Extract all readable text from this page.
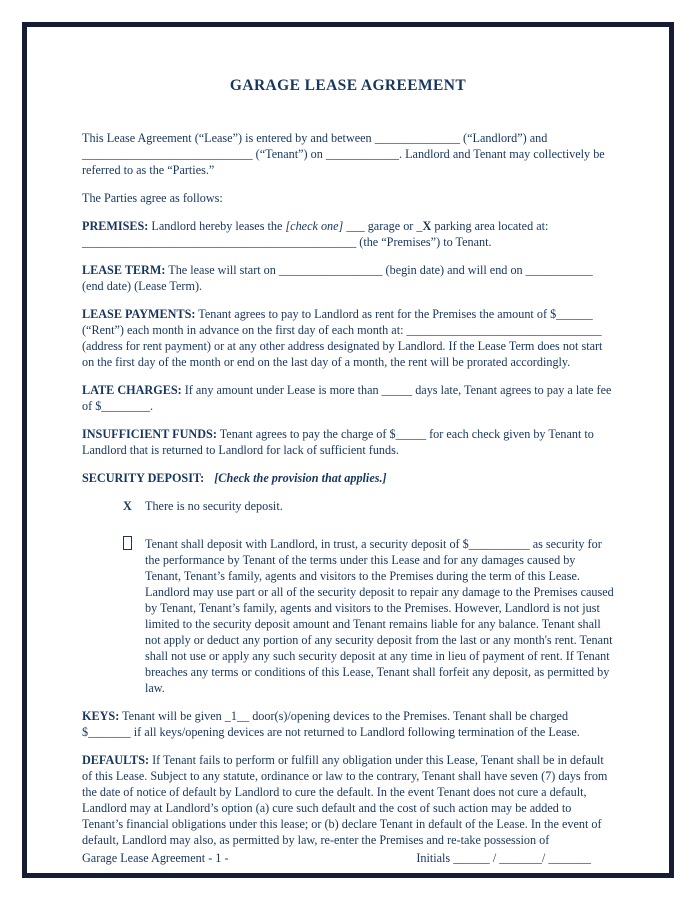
GARAGE LEASE AGREEMENT

This Lease Agreement (“Lease”) is entered by and between ______________ (“Landlord”) and ____________________________ (“Tenant”) on ____________. Landlord and Tenant may collectively be referred to as the “Parties.”

The Parties agree as follows:

PREMISES: Landlord hereby leases the [check one] ___ garage or _X parking area located at: _____________________________________________ (the “Premises”) to Tenant.

LEASE TERM: The lease will start on _________________ (begin date) and will end on ___________ (end date) (Lease Term).

LEASE PAYMENTS: Tenant agrees to pay to Landlord as rent for the Premises the amount of $______ (“Rent”) each month in advance on the first day of each month at: ________________________________ (address for rent payment) or at any other address designated by Landlord. If the Lease Term does not start on the first day of the month or end on the last day of a month, the rent will be prorated accordingly.

LATE CHARGES: If any amount under Lease is more than _____ days late, Tenant agrees to pay a late fee of $________.

INSUFFICIENT FUNDS: Tenant agrees to pay the charge of $_____ for each check given by Tenant to Landlord that is returned to Landlord for lack of sufficient funds.

SECURITY DEPOSIT: [Check the provision that applies.]

X	There is no security deposit.
Tenant shall deposit with Landlord, in trust, a security deposit of $__________ as security for the performance by Tenant of the terms under this Lease and for any damages caused by Tenant, Tenant’s family, agents and visitors to the Premises during the term of this Lease. Landlord may use part or all of the security deposit to repair any damage to the Premises caused by Tenant, Tenant’s family, agents and visitors to the Premises. However, Landlord is not just limited to the security deposit amount and Tenant remains liable for any balance. Tenant shall not apply or deduct any portion of any security deposit from the last or any month's rent. Tenant shall not use or apply any such security deposit at any time in lieu of payment of rent. If Tenant breaches any terms or conditions of this Lease, Tenant shall forfeit any deposit, as permitted by law.

KEYS: Tenant will be given _1__ door(s)/opening devices to the Premises. Tenant shall be charged $_______ if all keys/opening devices are not returned to Landlord following termination of the Lease.

DEFAULTS: If Tenant fails to perform or fulfill any obligation under this Lease, Tenant shall be in default of this Lease. Subject to any statute, ordinance or law to the contrary, Tenant shall have seven (7) days from the date of notice of default by Landlord to cure the default. In the event Tenant does not cure a default, Landlord may at Landlord’s option (a) cure such default and the cost of such action may be added to Tenant’s financial obligations under this lease; or (b) declare Tenant in default of the Lease. In the event of default, Landlord may also, as permitted by law, re-enter the Premises and re-take possession of

Garage Lease Agreement - 1 -	Initials ______ / _______/ _______
